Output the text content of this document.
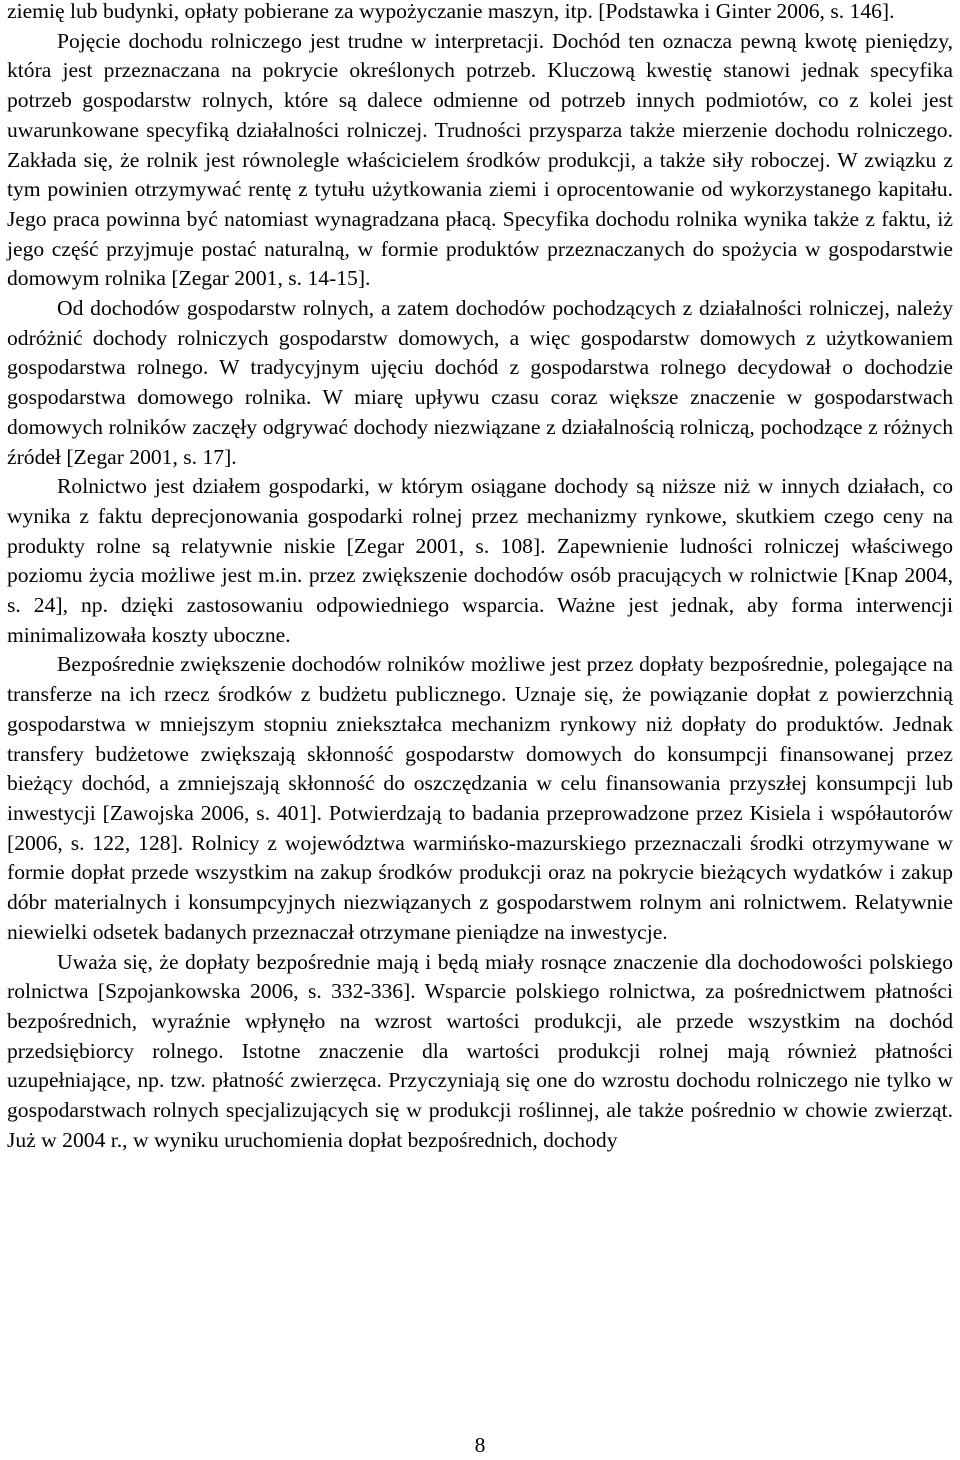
ziemię lub budynki, opłaty pobierane za wypożyczanie maszyn, itp. [Podstawka i Ginter 2006, s. 146].

Pojęcie dochodu rolniczego jest trudne w interpretacji. Dochód ten oznacza pewną kwotę pieniędzy, która jest przeznaczana na pokrycie określonych potrzeb. Kluczową kwestię stanowi jednak specyfika potrzeb gospodarstw rolnych, które są dalece odmienne od potrzeb innych podmiotów, co z kolei jest uwarunkowane specyfiką działalności rolniczej. Trudności przysparza także mierzenie dochodu rolniczego. Zakłada się, że rolnik jest równolegle właścicielem środków produkcji, a także siły roboczej. W związku z tym powinien otrzymywać rentę z tytułu użytkowania ziemi i oprocentowanie od wykorzystanego kapitału. Jego praca powinna być natomiast wynagradzana płacą. Specyfika dochodu rolnika wynika także z faktu, iż jego część przyjmuje postać naturalną, w formie produktów przeznaczanych do spożycia w gospodarstwie domowym rolnika [Zegar 2001, s. 14-15].

Od dochodów gospodarstw rolnych, a zatem dochodów pochodzących z działalności rolniczej, należy odróżnić dochody rolniczych gospodarstw domowych, a więc gospodarstw domowych z użytkowaniem gospodarstwa rolnego. W tradycyjnym ujęciu dochód z gospodarstwa rolnego decydował o dochodzie gospodarstwa domowego rolnika. W miarę upływu czasu coraz większe znaczenie w gospodarstwach domowych rolników zaczęły odgrywać dochody niezwiązane z działalnością rolniczą, pochodzące z różnych źródeł [Zegar 2001, s. 17].

Rolnictwo jest działem gospodarki, w którym osiągane dochody są niższe niż w innych działach, co wynika z faktu deprecjonowania gospodarki rolnej przez mechanizmy rynkowe, skutkiem czego ceny na produkty rolne są relatywnie niskie [Zegar 2001, s. 108]. Zapewnienie ludności rolniczej właściwego poziomu życia możliwe jest m.in. przez zwiększenie dochodów osób pracujących w rolnictwie [Knap 2004, s. 24], np. dzięki zastosowaniu odpowiedniego wsparcia. Ważne jest jednak, aby forma interwencji minimalizowała koszty uboczne.

Bezpośrednie zwiększenie dochodów rolników możliwe jest przez dopłaty bezpośrednie, polegające na transferze na ich rzecz środków z budżetu publicznego. Uznaje się, że powiązanie dopłat z powierzchnią gospodarstwa w mniejszym stopniu zniekształca mechanizm rynkowy niż dopłaty do produktów. Jednak transfery budżetowe zwiększają skłonność gospodarstw domowych do konsumpcji finansowanej przez bieżący dochód, a zmniejszają skłonność do oszczędzania w celu finansowania przyszłej konsumpcji lub inwestycji [Zawojska 2006, s. 401]. Potwierdzają to badania przeprowadzone przez Kisiela i współautorów [2006, s. 122, 128]. Rolnicy z województwa warmińsko-mazurskiego przeznaczali środki otrzymywane w formie dopłat przede wszystkim na zakup środków produkcji oraz na pokrycie bieżących wydatków i zakup dóbr materialnych i konsumpcyjnych niezwiązanych z gospodarstwem rolnym ani rolnictwem. Relatywnie niewielki odsetek badanych przeznaczał otrzymane pieniądze na inwestycje.

Uważa się, że dopłaty bezpośrednie mają i będą miały rosnące znaczenie dla dochodowości polskiego rolnictwa [Szpojankowska 2006, s. 332-336]. Wsparcie polskiego rolnictwa, za pośrednictwem płatności bezpośrednich, wyraźnie wpłynęło na wzrost wartości produkcji, ale przede wszystkim na dochód przedsiębiorcy rolnego. Istotne znaczenie dla wartości produkcji rolnej mają również płatności uzupełniające, np. tzw. płatność zwierzęca. Przyczyniają się one do wzrostu dochodu rolniczego nie tylko w gospodarstwach rolnych specjalizujących się w produkcji roślinnej, ale także pośrednio w chowie zwierząt. Już w 2004 r., w wyniku uruchomienia dopłat bezpośrednich, dochody

8
